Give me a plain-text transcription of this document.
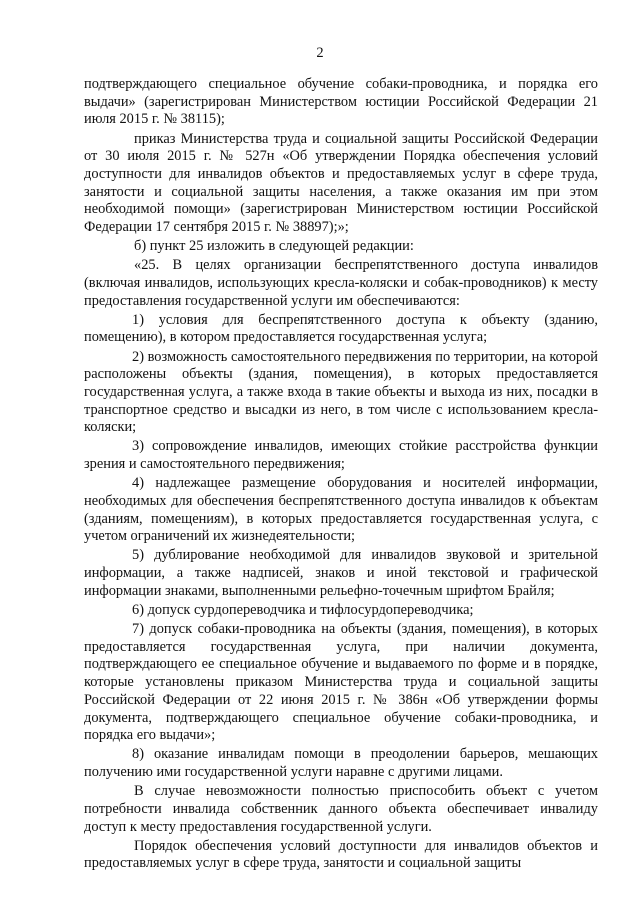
2

подтверждающего специальное обучение собаки-проводника, и порядка его выдачи» (зарегистрирован Министерством юстиции Российской Федерации 21 июля 2015 г. № 38115);

приказ Министерства труда и социальной защиты Российской Федерации от 30 июля 2015 г. № 527н «Об утверждении Порядка обеспечения условий доступности для инвалидов объектов и предоставляемых услуг в сфере труда, занятости и социальной защиты населения, а также оказания им при этом необходимой помощи» (зарегистрирован Министерством юстиции Российской Федерации 17 сентября 2015 г. № 38897);»;

б) пункт 25 изложить в следующей редакции:

«25. В целях организации беспрепятственного доступа инвалидов (включая инвалидов, использующих кресла-коляски и собак-проводников) к месту предоставления государственной услуги им обеспечиваются:

1) условия для беспрепятственного доступа к объекту (зданию, помещению), в котором предоставляется государственная услуга;

2) возможность самостоятельного передвижения по территории, на которой расположены объекты (здания, помещения), в которых предоставляется государственная услуга, а также входа в такие объекты и выхода из них, посадки в транспортное средство и высадки из него, в том числе с использованием кресла-коляски;

3) сопровождение инвалидов, имеющих стойкие расстройства функции зрения и самостоятельного передвижения;

4) надлежащее размещение оборудования и носителей информации, необходимых для обеспечения беспрепятственного доступа инвалидов к объектам (зданиям, помещениям), в которых предоставляется государственная услуга, с учетом ограничений их жизнедеятельности;

5) дублирование необходимой для инвалидов звуковой и зрительной информации, а также надписей, знаков и иной текстовой и графической информации знаками, выполненными рельефно-точечным шрифтом Брайля;

6) допуск сурдопереводчика и тифлосурдопереводчика;

7) допуск собаки-проводника на объекты (здания, помещения), в которых предоставляется государственная услуга, при наличии документа, подтверждающего ее специальное обучение и выдаваемого по форме и в порядке, которые установлены приказом Министерства труда и социальной защиты Российской Федерации от 22 июня 2015 г. № 386н «Об утверждении формы документа, подтверждающего специальное обучение собаки-проводника, и порядка его выдачи»;

8) оказание инвалидам помощи в преодолении барьеров, мешающих получению ими государственной услуги наравне с другими лицами.

В случае невозможности полностью приспособить объект с учетом потребности инвалида собственник данного объекта обеспечивает инвалиду доступ к месту предоставления государственной услуги.

Порядок обеспечения условий доступности для инвалидов объектов и предоставляемых услуг в сфере труда, занятости и социальной защиты
